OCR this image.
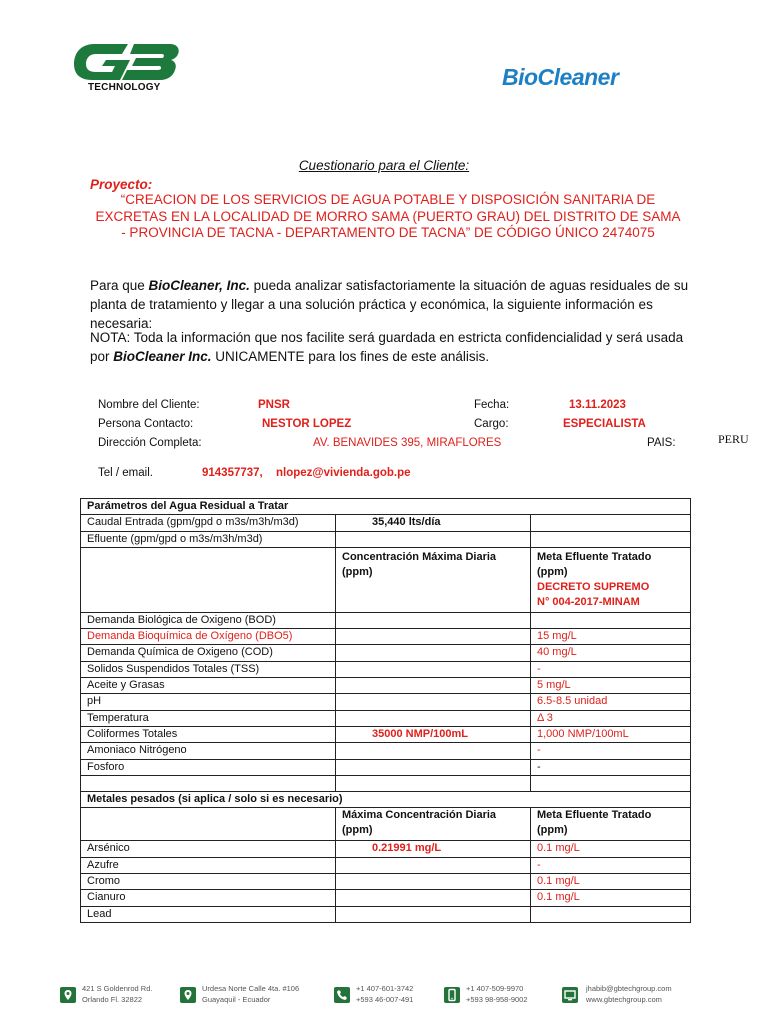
TECHNOLOGY	BioCleaner
Cuestionario para el Cliente:
Proyecto:
“CREACION DE LOS SERVICIOS DE AGUA POTABLE Y DISPOSICIÓN SANITARIA DE EXCRETAS EN LA LOCALIDAD DE MORRO SAMA (PUERTO GRAU) DEL DISTRITO DE SAMA - PROVINCIA DE TACNA - DEPARTAMENTO DE TACNA” DE CÓDIGO ÚNICO 2474075
Para que BioCleaner, Inc. pueda analizar satisfactoriamente la situación de aguas residuales de su planta de tratamiento y llegar a una solución práctica y económica, la siguiente información es necesaria:
NOTA: Toda la información que nos facilite será guardada en estricta confidencialidad y será usada por BioCleaner Inc. UNICAMENTE para los fines de este análisis.
Nombre del Cliente:	PNSR	Fecha:	13.11.2023
Persona Contacto:	NESTOR LOPEZ	Cargo:	ESPECIALISTA
Dirección Completa:	AV. BENAVIDES 395, MIRAFLORES	PAIS:	PERU
Tel / email.	914357737, nlopez@vivienda.gob.pe
Parámetros del Agua Residual a Tratar		
Caudal Entrada (gpm/gpd o m3s/m3h/m3d)	35,440 lts/día	
Efluente (gpm/gpd o m3s/m3h/m3d)		
	Concentración Máxima Diaria (ppm)	Meta Efluente Tratado (ppm)
DECRETO SUPREMO
N° 004-2017-MINAM

Demanda Biológica de Oxigeno (BOD)		
Demanda Bioquímica de Oxígeno (DBO5)		15 mg/L
Demanda Química de Oxigeno (COD)		40 mg/L
Solidos Suspendidos Totales (TSS)		-
Aceite y Grasas		5 mg/L
pH		6.5-8.5 unidad
Temperatura		Δ 3
Coliformes Totales	35000 NMP/100mL	1,000 NMP/100mL
Amoniaco Nitrógeno		-
Fosforo		-

Metales pesados (si aplica / solo si es necesario)		
	Máxima Concentración Diaria (ppm)	Meta Efluente Tratado (ppm)
Arsénico	0.21991 mg/L	0.1 mg/L
Azufre		-
Cromo		0.1 mg/L
Cianuro		0.1 mg/L
Lead		
421 S Goldenrod Rd.
Orlando Fl. 32822
Urdesa Norte Calle 4ta. #106
Guayaquil - Ecuador
+1 407-601-3742
+593 46-007-491
+1 407-509-9970
+593 98-958-9002
jhabib@gbtechgroup.com
www.gbtechgroup.com
